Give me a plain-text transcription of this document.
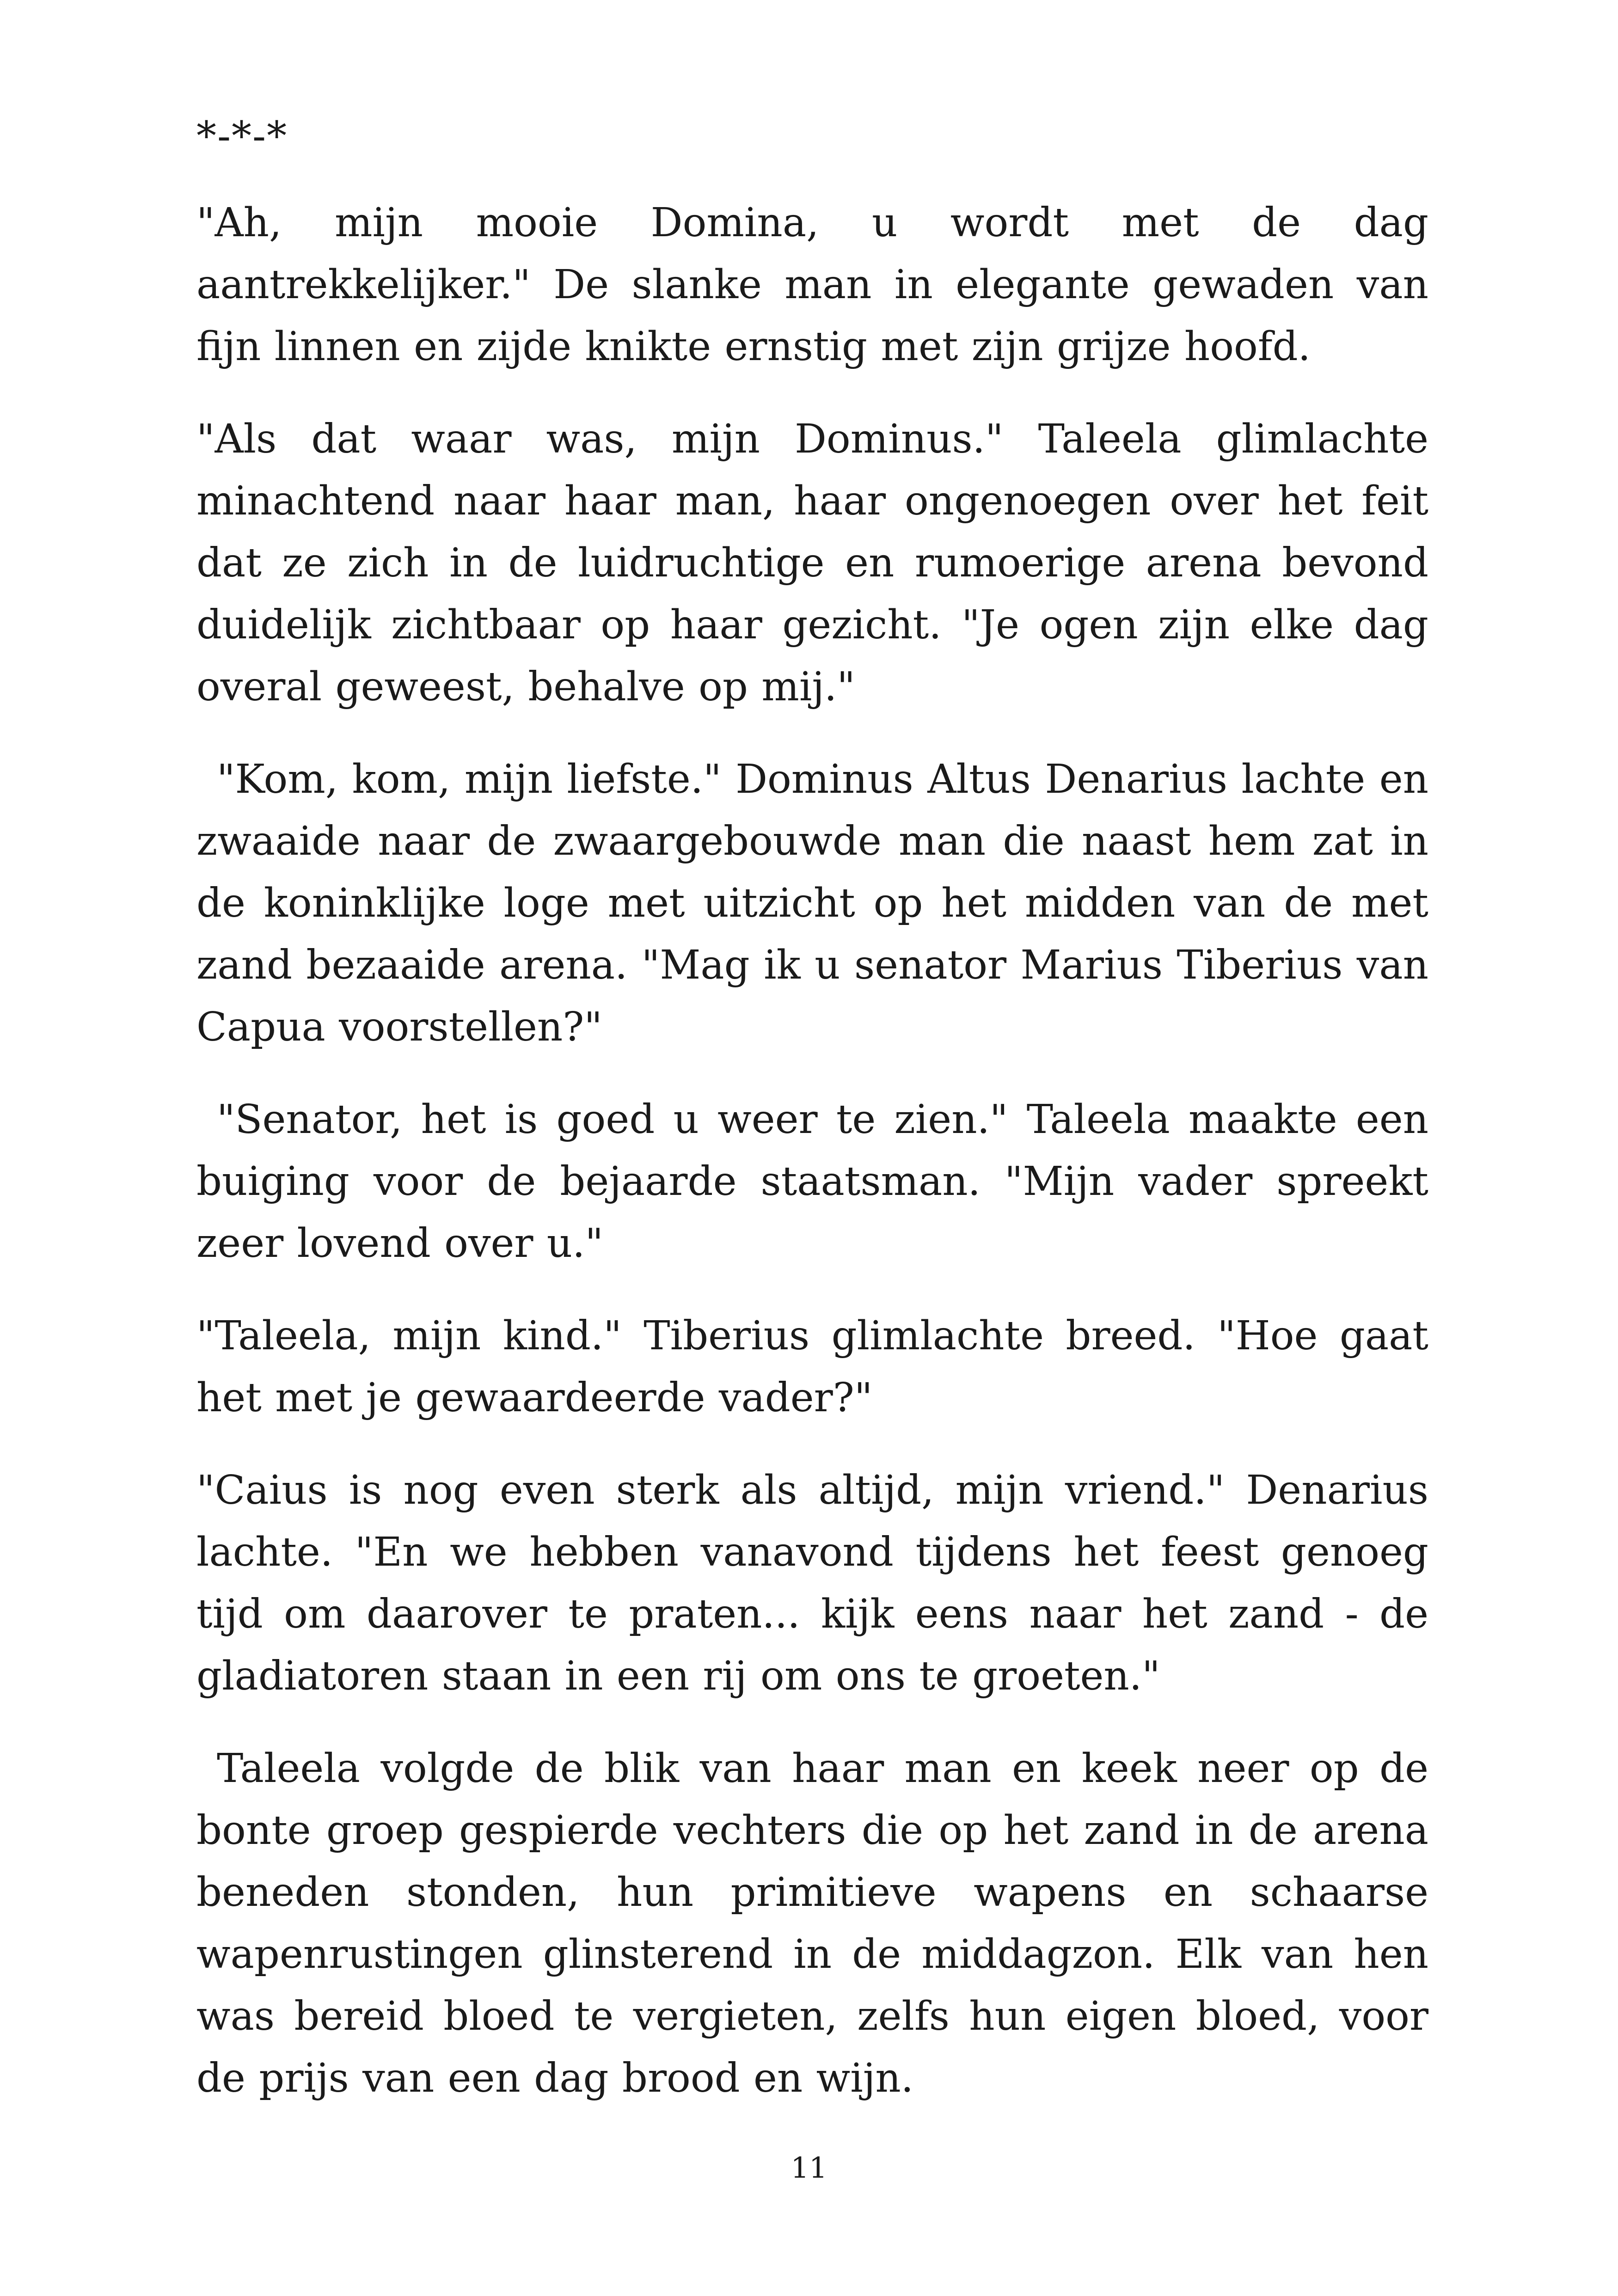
*-*-*

"Ah, mijn mooie Domina, u wordt met de dag aantrekkelijker." De slanke man in elegante gewaden van fijn linnen en zijde knikte ernstig met zijn grijze hoofd.

"Als dat waar was, mijn Dominus." Taleela glimlachte minachtend naar haar man, haar ongenoegen over het feit dat ze zich in de luidruchtige en rumoerige arena bevond duidelijk zichtbaar op haar gezicht. "Je ogen zijn elke dag overal geweest, behalve op mij."

"Kom, kom, mijn liefste." Dominus Altus Denarius lachte en zwaaide naar de zwaargebouwde man die naast hem zat in de koninklijke loge met uitzicht op het midden van de met zand bezaaide arena. "Mag ik u senator Marius Tiberius van Capua voorstellen?"

"Senator, het is goed u weer te zien." Taleela maakte een buiging voor de bejaarde staatsman. "Mijn vader spreekt zeer lovend over u."

"Taleela, mijn kind." Tiberius glimlachte breed. "Hoe gaat het met je gewaardeerde vader?"

"Caius is nog even sterk als altijd, mijn vriend." Denarius lachte. "En we hebben vanavond tijdens het feest genoeg tijd om daarover te praten... kijk eens naar het zand - de gladiatoren staan in een rij om ons te groeten."

Taleela volgde de blik van haar man en keek neer op de bonte groep gespierde vechters die op het zand in de arena beneden stonden, hun primitieve wapens en schaarse wapenrustingen glinsterend in de middagzon. Elk van hen was bereid bloed te vergieten, zelfs hun eigen bloed, voor de prijs van een dag brood en wijn.

11
